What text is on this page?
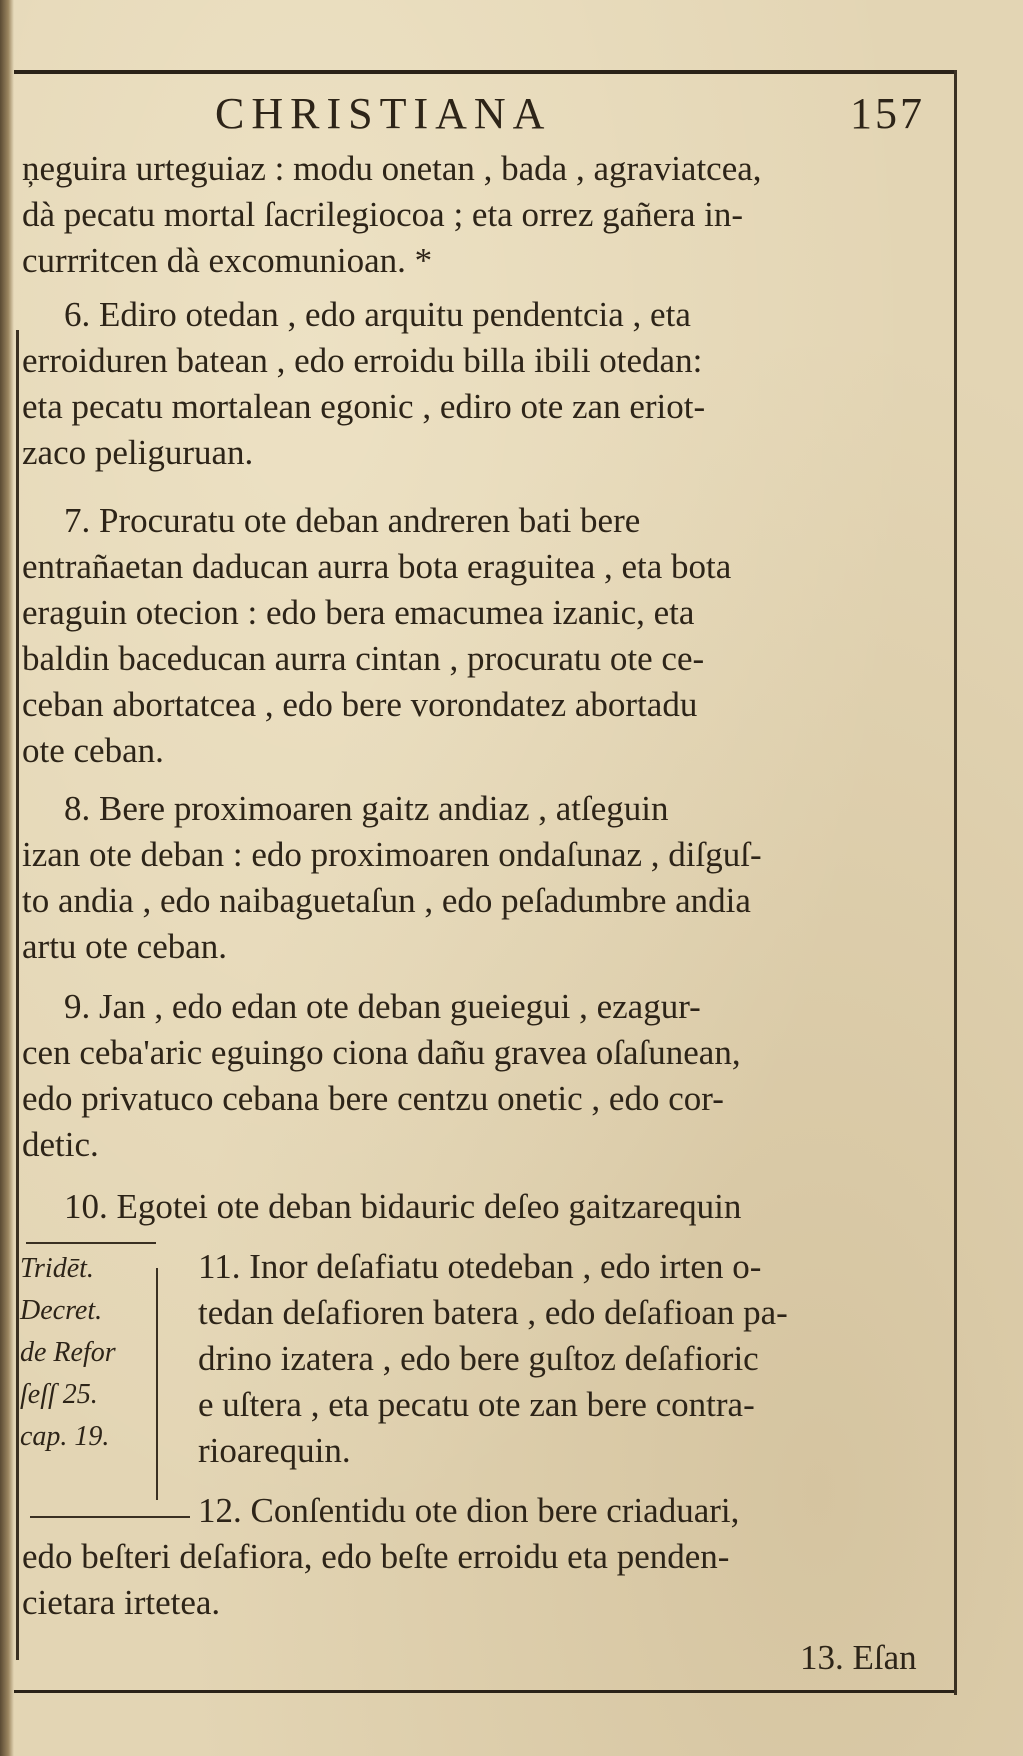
CHRISTIANA	157
ņeguira urteguiaz : modu onetan , bada , agraviatcea,
dà pecatu mortal ſacrilegiocoa ; eta orrez gañera in-
currritcen dà excomunioan. *
6. Ediro otedan , edo arquitu pendentcia , eta
erroiduren batean , edo erroidu billa ibili otedan:
eta pecatu mortalean egonic , ediro ote zan eriot-
zaco peliguruan.
7. Procuratu ote deban andreren bati bere
entrañaetan daducan aurra bota eraguitea , eta bota
eraguin otecion : edo bera emacumea izanic, eta
baldin baceducan aurra cintan , procuratu ote ce-
ceban abortatcea , edo bere vorondatez abortadu
ote ceban.
8. Bere proximoaren gaitz andiaz , atſeguin
izan ote deban : edo proximoaren ondaſunaz , diſguſ-
to andia , edo naibaguetaſun , edo peſadumbre andia
artu ote ceban.
9. Jan , edo edan ote deban gueiegui , ezagur-
cen ceba'aric eguingo ciona dañu gravea oſaſunean,
edo privatuco cebana bere centzu onetic , edo cor-
detic.
10. Egotei ote deban bidauric deſeo gaitzarequin
Tridēt.
Decret.
de Refor
ſeſſ 25.
cap. 19.
11. Inor deſafiatu otedeban , edo irten o-
tedan deſafioren batera , edo deſafioan pa-
drino izatera , edo bere guſtoz deſafioric
e uſtera , eta pecatu ote zan bere contra-
rioarequin.
12. Conſentidu ote dion bere criaduari,
edo beſteri deſafiora, edo beſte erroidu eta penden-
cietara irtetea.
13. Eſan
